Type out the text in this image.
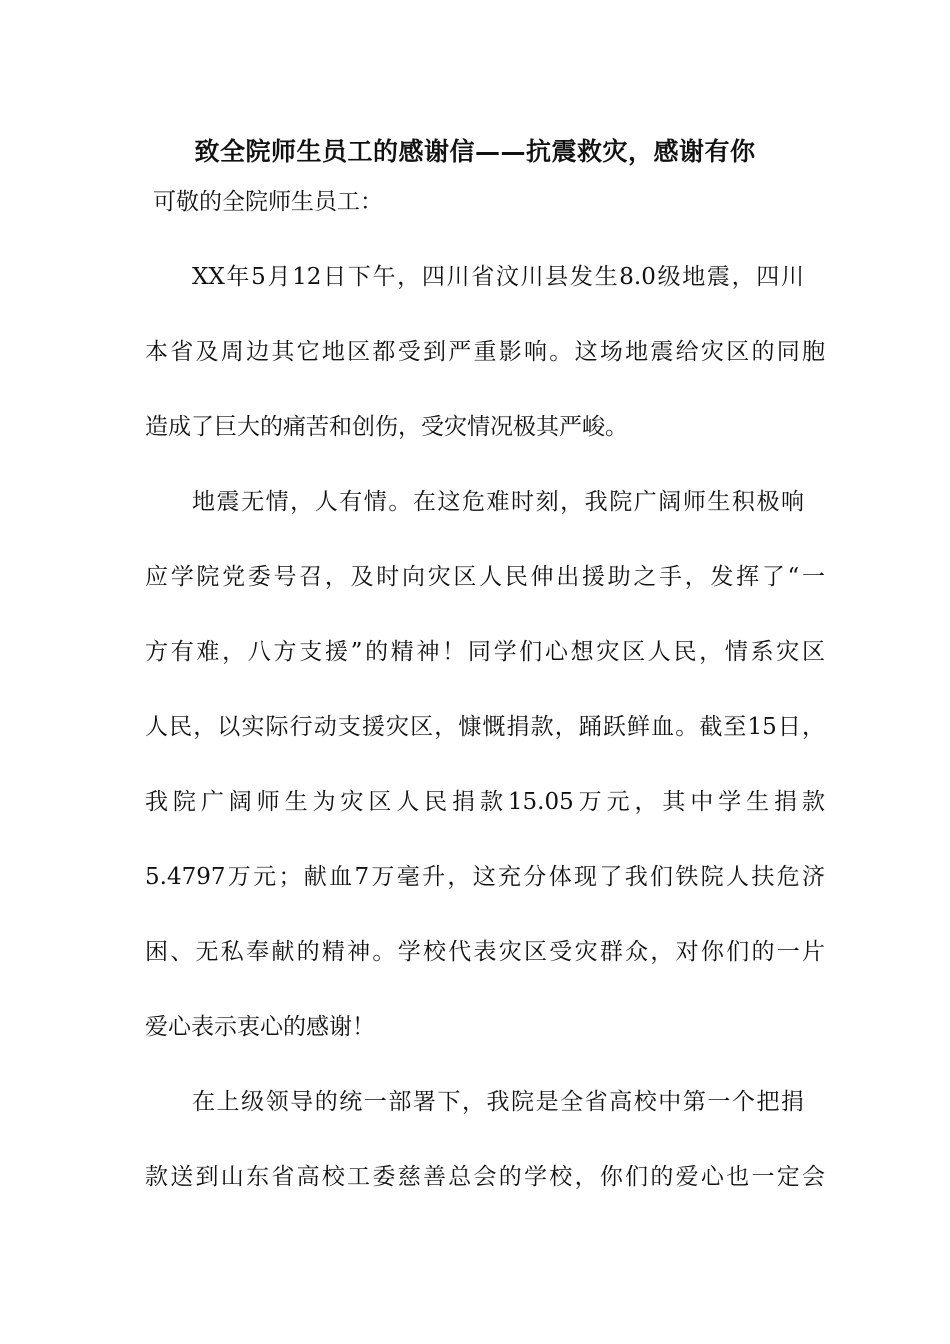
致全院师生员工的感谢信——抗震救灾，感谢有你
可敬的全院师生员工：
XX年5月12日下午，四川省汶川县发生8.0级地震，四川
本省及周边其它地区都受到严重影响。这场地震给灾区的同胞
造成了巨大的痛苦和创伤，受灾情况极其严峻。
地震无情，人有情。在这危难时刻，我院广阔师生积极响
应学院党委号召，及时向灾区人民伸出援助之手，发挥了“一
方有难，八方支援”的精神！同学们心想灾区人民，情系灾区
人民，以实际行动支援灾区，慷慨捐款，踊跃鲜血。截至15日，
我院广阔师生为灾区人民捐款15.05万元，其中学生捐款
5.4797万元；献血7万毫升，这充分体现了我们铁院人扶危济
困、无私奉献的精神。学校代表灾区受灾群众，对你们的一片
爱心表示衷心的感谢！
在上级领导的统一部署下，我院是全省高校中第一个把捐
款送到山东省高校工委慈善总会的学校，你们的爱心也一定会
